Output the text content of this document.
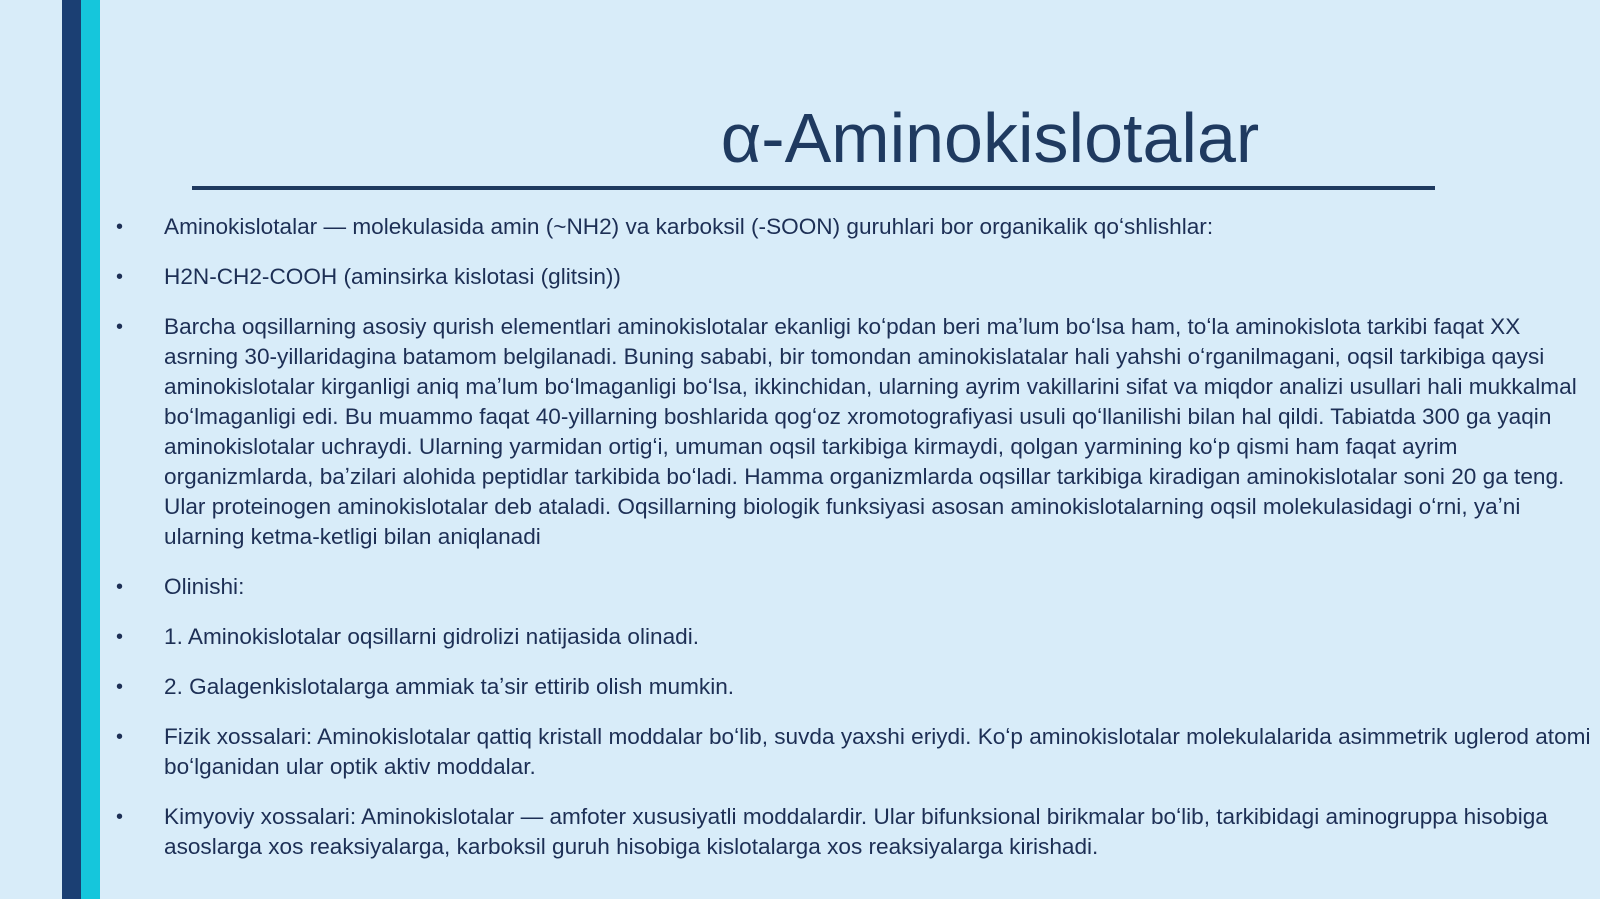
α-Aminokislotalar
•	Aminokislotalar — molekulasida amin (~NH2) va karboksil (-SOON) guruhlari bor organikalik qoʻshlishlar:
•	H2N-CH2-COOH (aminsirka kislotasi (glitsin))
•	Barcha oqsillarning asosiy qurish elementlari aminokislotalar ekanligi koʻpdan beri maʼlum boʻlsa ham, toʻla aminokislota tarkibi faqat XX asrning 30-yillaridagina batamom belgilanadi. Buning sababi, bir tomondan aminokislatalar hali yahshi oʻrganilmagani, oqsil tarkibiga qaysi aminokislotalar kirganligi aniq maʼlum boʻlmaganligi boʻlsa, ikkinchidan, ularning ayrim vakillarini sifat va miqdor analizi usullari hali mukkalmal boʻlmaganligi edi. Bu muammo faqat 40-yillarning boshlarida qogʻoz xromotografiyasi usuli qoʻllanilishi bilan hal qildi. Tabiatda 300 ga yaqin aminokislotalar uchraydi. Ularning yarmidan ortigʻi, umuman oqsil tarkibiga kirmaydi, qolgan yarmining koʻp qismi ham faqat ayrim organizmlarda, baʼzilari alohida peptidlar tarkibida boʻladi. Hamma organizmlarda oqsillar tarkibiga kiradigan aminokislotalar soni 20 ga teng. Ular proteinogen aminokislotalar deb ataladi. Oqsillarning biologik funksiyasi asosan aminokislotalarning oqsil molekulasidagi oʻrni, yaʼni ularning ketma-ketligi bilan aniqlanadi
•	Olinishi:
•	1. Aminokislotalar oqsillarni gidrolizi natijasida olinadi.
•	2. Galagenkislotalarga ammiak taʼsir ettirib olish mumkin.
•	Fizik xossalari: Aminokislotalar qattiq kristall moddalar boʻlib, suvda yaxshi eriydi. Koʻp aminokislotalar molekulalarida asimmetrik uglerod atomi boʻlganidan ular optik aktiv moddalar.
•	Kimyoviy xossalari: Aminokislotalar — amfoter xususiyatli moddalardir. Ular bifunksional birikmalar boʻlib, tarkibidagi aminogruppa hisobiga asoslarga xos reaksiyalarga, karboksil guruh hisobiga kislotalarga xos reaksiyalarga kirishadi.
